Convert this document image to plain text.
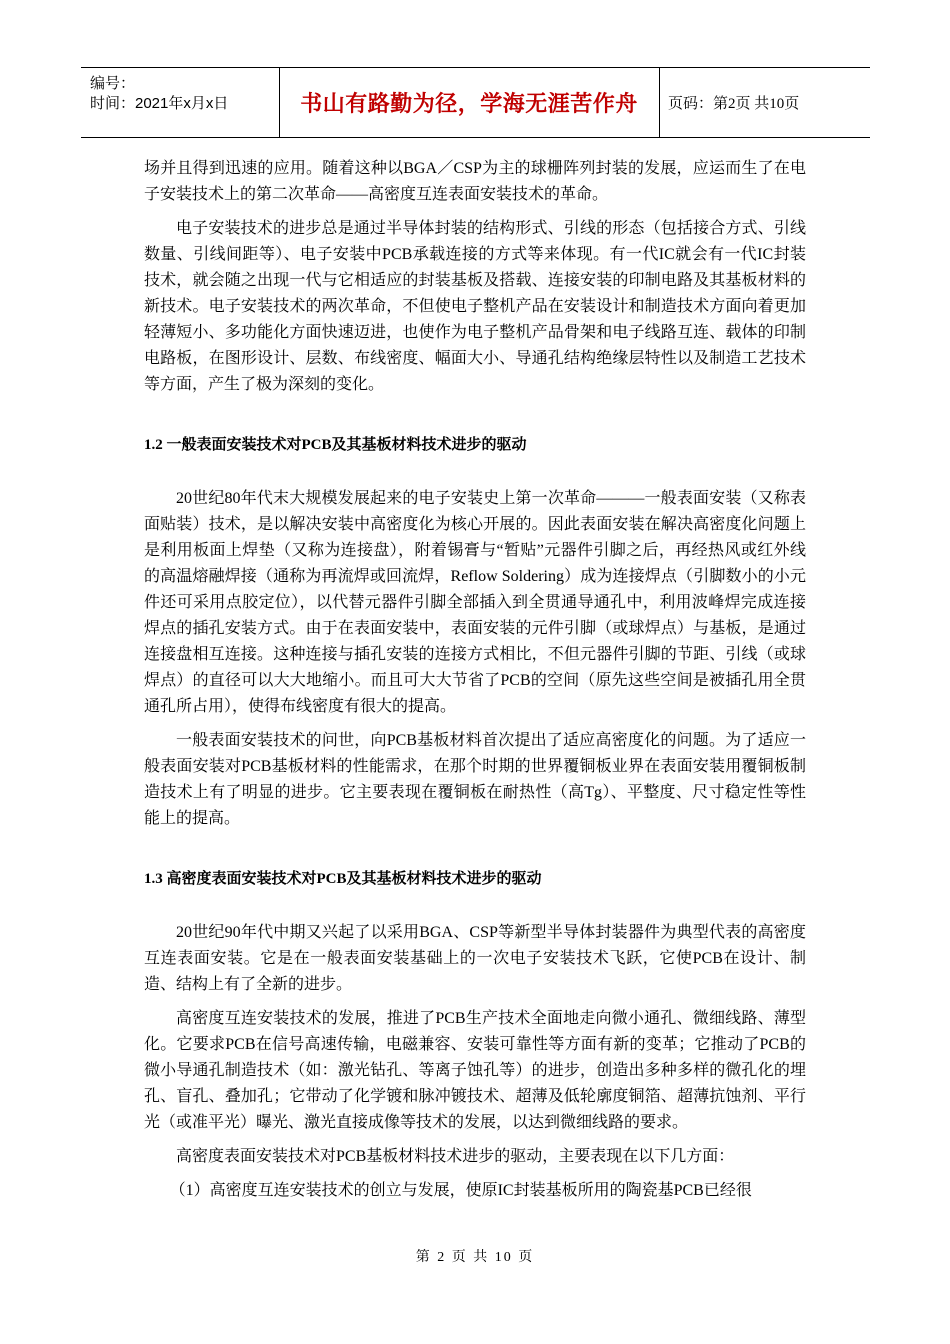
编号：
时间：2021年x月x日	书山有路勤为径，学海无涯苦作舟	页码：第2页 共10页

场并且得到迅速的应用。随着这种以BGA／CSP为主的球栅阵列封装的发展，应运而生了在电子安装技术上的第二次革命——高密度互连表面安装技术的革命。

电子安装技术的进步总是通过半导体封装的结构形式、引线的形态（包括接合方式、引线数量、引线间距等）、电子安装中PCB承载连接的方式等来体现。有一代IC就会有一代IC封装技术，就会随之出现一代与它相适应的封装基板及搭载、连接安装的印制电路及其基板材料的新技术。电子安装技术的两次革命，不但使电子整机产品在安装设计和制造技术方面向着更加轻薄短小、多功能化方面快速迈进，也使作为电子整机产品骨架和电子线路互连、载体的印制电路板，在图形设计、层数、布线密度、幅面大小、导通孔结构绝缘层特性以及制造工艺技术等方面，产生了极为深刻的变化。

1.2 一般表面安装技术对PCB及其基板材料技术进步的驱动

20世纪80年代末大规模发展起来的电子安装史上第一次革命———一般表面安装（又称表面贴装）技术，是以解决安装中高密度化为核心开展的。因此表面安装在解决高密度化问题上是利用板面上焊垫（又称为连接盘），附着锡膏与“暂贴”元器件引脚之后，再经热风或红外线的高温熔融焊接（通称为再流焊或回流焊，Reflow Soldering）成为连接焊点（引脚数小的小元件还可采用点胶定位），以代替元器件引脚全部插入到全贯通导通孔中，利用波峰焊完成连接焊点的插孔安装方式。由于在表面安装中，表面安装的元件引脚（或球焊点）与基板，是通过连接盘相互连接。这种连接与插孔安装的连接方式相比，不但元器件引脚的节距、引线（或球焊点）的直径可以大大地缩小。而且可大大节省了PCB的空间（原先这些空间是被插孔用全贯通孔所占用），使得布线密度有很大的提高。

一般表面安装技术的问世，向PCB基板材料首次提出了适应高密度化的问题。为了适应一般表面安装对PCB基板材料的性能需求，在那个时期的世界覆铜板业界在表面安装用覆铜板制造技术上有了明显的进步。它主要表现在覆铜板在耐热性（高Tg）、平整度、尺寸稳定性等性能上的提高。

1.3 高密度表面安装技术对PCB及其基板材料技术进步的驱动

20世纪90年代中期又兴起了以采用BGA、CSP等新型半导体封装器件为典型代表的高密度互连表面安装。它是在一般表面安装基础上的一次电子安装技术飞跃，它使PCB在设计、制造、结构上有了全新的进步。

高密度互连安装技术的发展，推进了PCB生产技术全面地走向微小通孔、微细线路、薄型化。它要求PCB在信号高速传输，电磁兼容、安装可靠性等方面有新的变革；它推动了PCB的微小导通孔制造技术（如：激光钻孔、等离子蚀孔等）的进步，创造出多种多样的微孔化的埋孔、盲孔、叠加孔；它带动了化学镀和脉冲镀技术、超薄及低轮廓度铜箔、超薄抗蚀剂、平行光（或准平光）曝光、激光直接成像等技术的发展，以达到微细线路的要求。

高密度表面安装技术对PCB基板材料技术进步的驱动，主要表现在以下几方面：

（1）高密度互连安装技术的创立与发展，使原IC封装基板所用的陶瓷基PCB已经很

第 2 页 共 10 页
